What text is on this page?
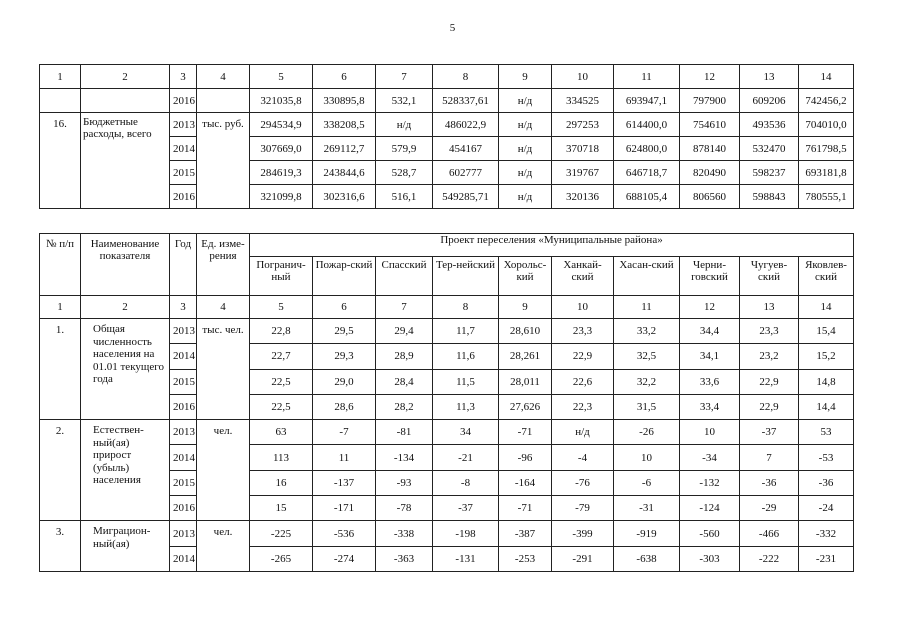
5
1	2	3	4	5	6	7	8	9	10	11	12	13	14
		2016		321035,8	330895,8	532,1	528337,61	н/д	334525	693947,1	797900	609206	742456,2
16.	Бюджетные расходы, всего	2013	тыс. руб.	294534,9	338208,5	н/д	486022,9	н/д	297253	614400,0	754610	493536	704010,0
		2014		307669,0	269112,7	579,9	454167	н/д	370718	624800,0	878140	532470	761798,5
		2015		284619,3	243844,6	528,7	602777	н/д	319767	646718,7	820490	598237	693181,8
		2016		321099,8	302316,6	516,1	549285,71	н/д	320136	688105,4	806560	598843	780555,1
№ п/п	Наименование показателя	Год	Ед. изме-рения	Проект переселения «Муниципальные района»									
				Погранич-ный	Пожар-ский	Спасский	Тер-нейский	Хорольс-кий	Ханкай-ский	Хасан-ский	Черни-говский	Чугуев-ский	Яковлев-ский
1	2	3	4	5	6	7	8	9	10	11	12	13	14
1.	Общая численность населения на 01.01 текущего года	2013	тыс. чел.	22,8	29,5	29,4	11,7	28,610	23,3	33,2	34,4	23,3	15,4
		2014		22,7	29,3	28,9	11,6	28,261	22,9	32,5	34,1	23,2	15,2
		2015		22,5	29,0	28,4	11,5	28,011	22,6	32,2	33,6	22,9	14,8
		2016		22,5	28,6	28,2	11,3	27,626	22,3	31,5	33,4	22,9	14,4
2.	Естествен-ный(ая) прирост (убыль) населения	2013	чел.	63	-7	-81	34	-71	н/д	-26	10	-37	53
		2014		113	11	-134	-21	-96	-4	10	-34	7	-53
		2015		16	-137	-93	-8	-164	-76	-6	-132	-36	-36
		2016		15	-171	-78	-37	-71	-79	-31	-124	-29	-24
3.	Миграцион-ный(ая)	2013	чел.	-225	-536	-338	-198	-387	-399	-919	-560	-466	-332
		2014		-265	-274	-363	-131	-253	-291	-638	-303	-222	-231
